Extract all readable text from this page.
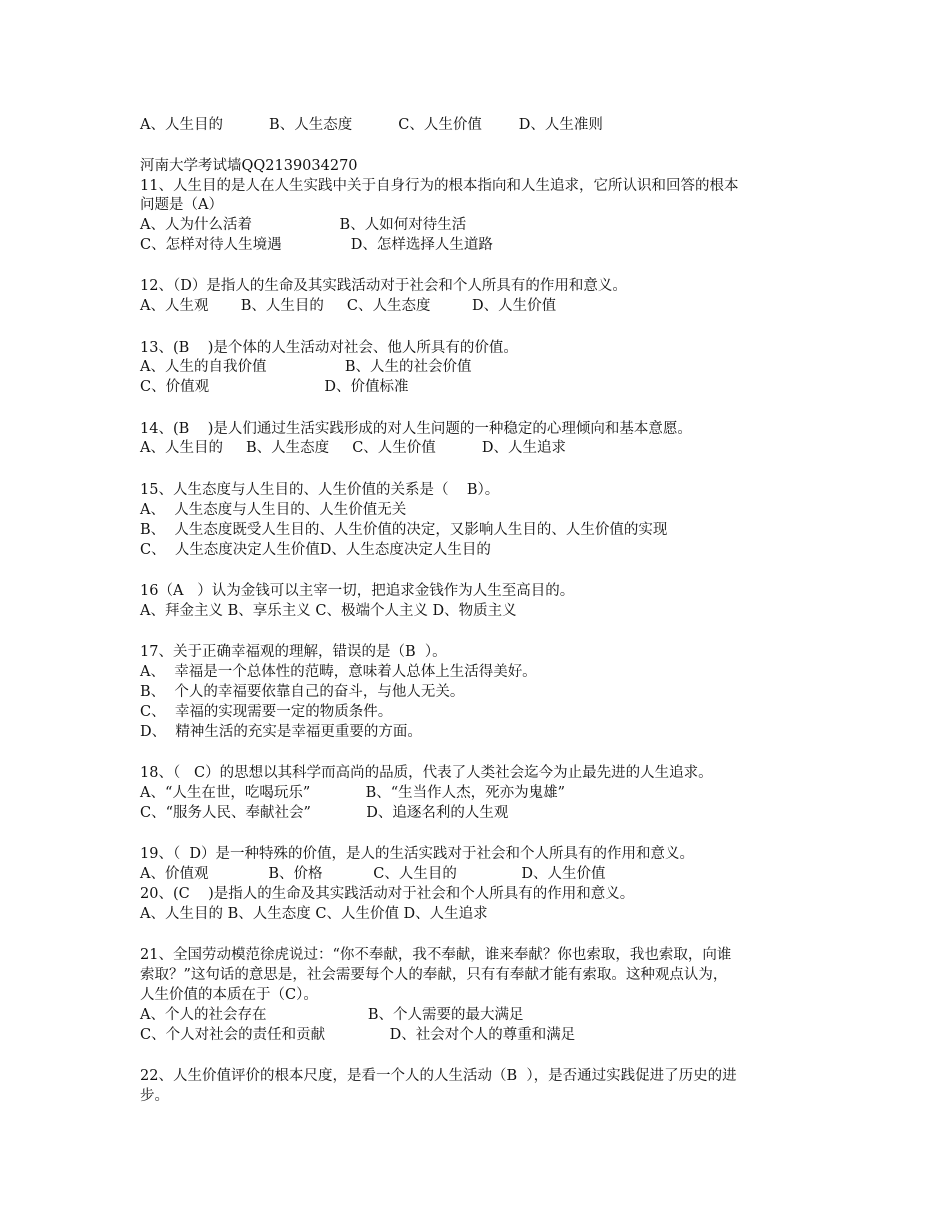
A、人生目的          B、人生态度          C、人生价值        D、人生准则
河南大学考试墙QQ2139034270
11、人生目的是人在人生实践中关于自身行为的根本指向和人生追求，它所认识和回答的根本
问题是（A）
A、人为什么活着                   B、人如何对待生活
C、怎样对待人生境遇               D、怎样选择人生道路
12、（D）是指人的生命及其实践活动对于社会和个人所具有的作用和意义。
A、人生观       B、人生目的     C、人生态度         D、人生价值
13、(B    )是个体的人生活动对社会、他人所具有的价值。
A、人生的自我价值                 B、人生的社会价值
C、价值观                         D、价值标准
14、(B    )是人们通过生活实践形成的对人生问题的一种稳定的心理倾向和基本意愿。
A、人生目的     B、人生态度     C、人生价值          D、人生追求
15、人生态度与人生目的、人生价值的关系是（    B）。
A、  人生态度与人生目的、人生价值无关
B、  人生态度既受人生目的、人生价值的决定，又影响人生目的、人生价值的实现
C、  人生态度决定人生价值D、人生态度决定人生目的
16（A   ）认为金钱可以主宰一切，把追求金钱作为人生至高目的。
A、拜金主义 B、享乐主义 C、极端个人主义 D、物质主义
17、关于正确幸福观的理解，错误的是（B  ）。
A、  幸福是一个总体性的范畴，意味着人总体上生活得美好。
B、  个人的幸福要依靠自己的奋斗，与他人无关。
C、  幸福的实现需要一定的物质条件。
D、  精神生活的充实是幸福更重要的方面。
18、（   C）的思想以其科学而高尚的品质，代表了人类社会迄今为止最先进的人生追求。
A、“人生在世，吃喝玩乐”            B、“生当作人杰，死亦为鬼雄”
C、“服务人民、奉献社会”            D、追逐名利的人生观
19、（  D）是一种特殊的价值，是人的生活实践对于社会和个人所具有的作用和意义。
A、价值观             B、价格           C、人生目的              D、人生价值
20、(C    )是指人的生命及其实践活动对于社会和个人所具有的作用和意义。
A、人生目的 B、人生态度 C、人生价值 D、人生追求
21、全国劳动模范徐虎说过：“你不奉献，我不奉献，谁来奉献？你也索取，我也索取，向谁
索取？”这句话的意思是，社会需要每个人的奉献，只有有奉献才能有索取。这种观点认为，
人生价值的本质在于（C）。
A、个人的社会存在                      B、个人需要的最大满足
C、个人对社会的责任和贡献              D、社会对个人的尊重和满足
22、人生价值评价的根本尺度，是看一个人的人生活动（B  ），是否通过实践促进了历史的进
步。
